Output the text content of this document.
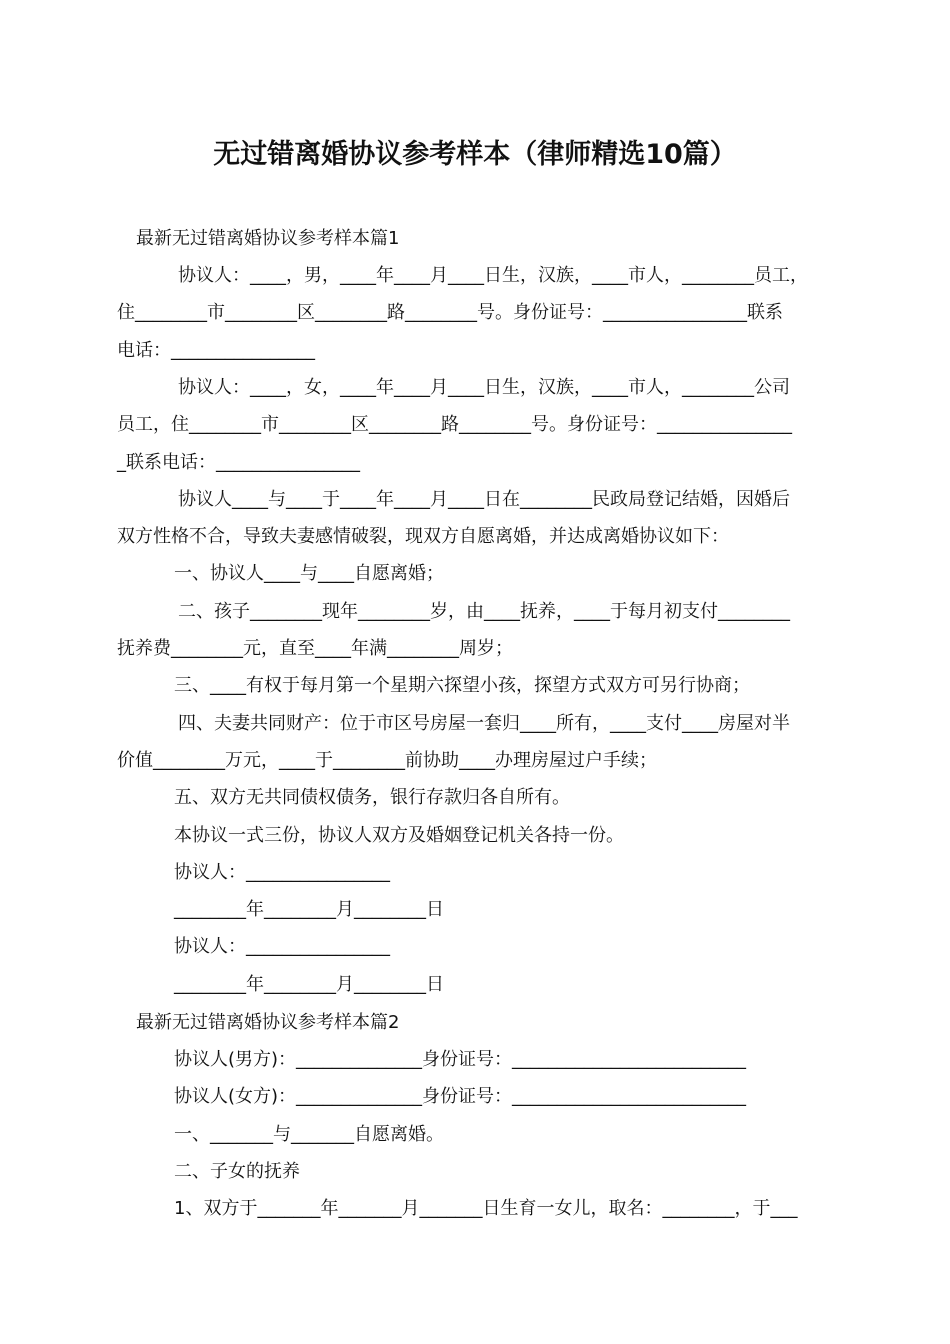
无过错离婚协议参考样本（律师精选10篇）
最新无过错离婚协议参考样本篇1
协议人：____，男，____年____月____日生，汉族，____市人，________员工，
住________市________区________路________号。身份证号：________________联系
电话：________________
协议人：____，女，____年____月____日生，汉族，____市人，________公司
员工，住________市________区________路________号。身份证号：_______________
_联系电话：________________
协议人____与____于____年____月____日在________民政局登记结婚，因婚后
双方性格不合，导致夫妻感情破裂，现双方自愿离婚，并达成离婚协议如下：
一、协议人____与____自愿离婚；
二、孩子________现年________岁，由____抚养，____于每月初支付________
抚养费________元，直至____年满________周岁；
三、____有权于每月第一个星期六探望小孩，探望方式双方可另行协商；
四、夫妻共同财产：位于市区号房屋一套归____所有，____支付____房屋对半
价值________万元，____于________前协助____办理房屋过户手续；
五、双方无共同债权债务，银行存款归各自所有。
本协议一式三份，协议人双方及婚姻登记机关各持一份。
协议人：________________
________年________月________日
协议人：________________
________年________月________日
最新无过错离婚协议参考样本篇2
协议人(男方)：______________身份证号：__________________________
协议人(女方)：______________身份证号：__________________________
一、_______与_______自愿离婚。
二、子女的抚养
1、双方于_______年_______月_______日生育一女儿，取名：________，于___
